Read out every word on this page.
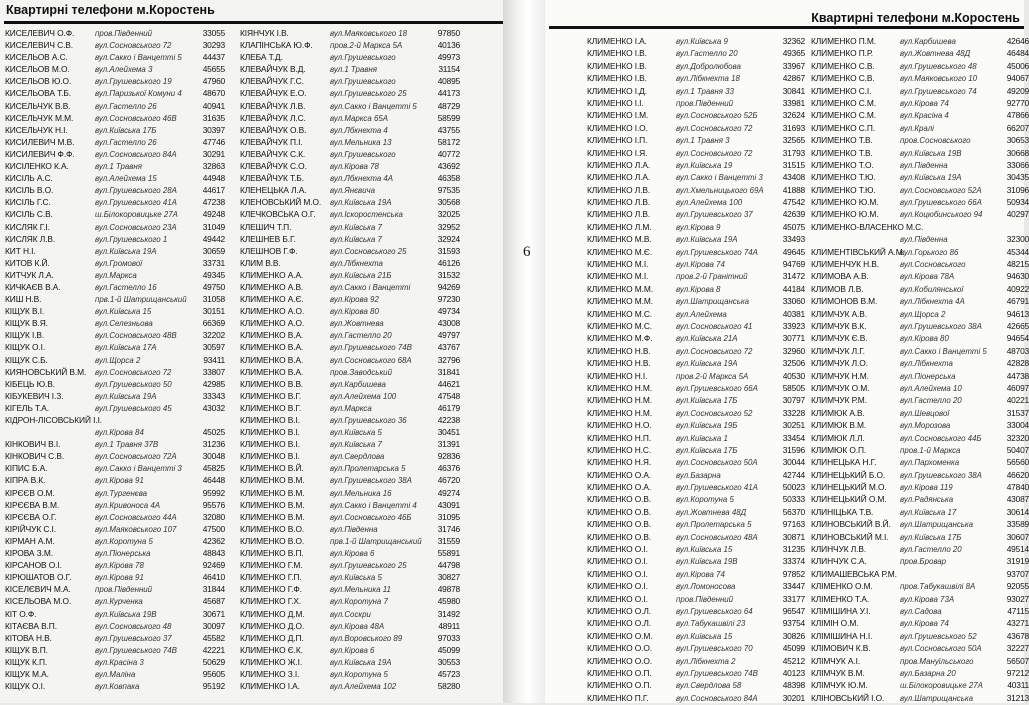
Квартирні телефони м.Коростень
КИСЕЛЕВИЧ О.Ф.	пров.Південний	33055
КИСЕЛЕВИЧ С.В.	вул.Сосновського 72	30293
КИСЕЛЬОВ А.С.	вул.Сакко і Ванцетті 5	44437
КИСЕЛЬОВ М.О.	вул.Алейхема 3	45655
КИСЕЛЬОВ Ю.О.	вул.Грушевського 19	47960
КИСЕЛЬОВА Т.Б.	вул.Паризької Комуни 4	48670
КИСЕЛЬЧУК В.В.	вул.Гастелло 26	40941
КИСЕЛЬЧУК М.М.	вул.Сосновського 46В	31635
КИСЕЛЬЧУК Н.І.	вул.Київська 17Б	30397
КИСИЛЕВИЧ М.В.	вул.Гастелло 26	47746
КИСИЛЕВИЧ Ф.Ф.	вул.Сосновського 84А	30291
КИСІЛЕНКО К.А.	вул.1 Травня	32863
КИСІЛЬ А.С.	вул.Алейхема 15	44948
КИСІЛЬ В.О.	вул.Грушевського 28А	44617
КИСІЛЬ Г.С.	вул.Грушевського 41А	47238
КИСІЛЬ С.В.	ш.Білокоровицьке 27А	49248
КИСЛЯК Г.І.	вул.Сосновського 23А	31049
КИСЛЯК Л.В.	вул.Грушевського 1	49442
КИТ Н.І.	вул.Київська 19А	30659
КИТОВ К.Й.	вул.Громової	33731
КИТЧУК Л.А.	вул.Маркса	49345
КИЧКАЄВ В.А.	вул.Гастелло 16	49750
КИШ Н.В.	прв.1-й Шатрищанський	31058
КІЩУК В.І.	вул.Київська 15	30151
КІЩУК В.Я.	вул.Селезньова	66369
КІЩУК І.В.	вул.Сосновського 48В	32202
КІЩУК О.І.	вул.Київська 17А	30597
КІЩУК С.Б.	вул.Щорса 2	93411
КИЯНОВСЬКИЙ В.М.	вул.Сосновського 72	33807
КІБЕЦЬ Ю.В.	вул.Грушевського 50	42985
КІБУКЕВИЧ І.З.	вул.Київська 19А	33343
КІГЕЛЬ Т.А.	вул.Грушевського 45	43032
КІДРОН-ЛІСОВСЬКИЙ І.І.
вул.Кірова 84	45025
КІНКОВИЧ В.І.	вул.1 Травня 37В	31236
КІНКОВИЧ С.В.	вул.Сосновського 72А	30048
КІПИС Б.А.	вул.Сакко і Ванцетті 3	45825
КІПРА В.К.	вул.Кірова 91	46448
КІРЄЄВ О.М.	вул.Тургенєва	95992
КІРЄЄВА В.М.	вул.Кривоноса 4А	95576
КІРЄЄВА О.Г.	вул.Сосновського 44А	32080
КІРІЙЧУК С.І.	вул.Маяковського 107	47500
КІРМАН А.М.	вул.Коротуна 5	42362
КІРОВА З.М.	вул.Піонерська	48843
КІРСАНОВ О.І.	вул.Кірова 78	92469
КІРЮШАТОВ О.Г.	вул.Кірова 91	46410
КІСЕЛЄВИЧ М.А.	пров.Південний	31844
КІСЕЛЬОВА М.О.	вул.Курченка	45687
КІТ О.Ф.	вул.Київська 19В	30671
КІТАЄВА В.П.	вул.Сосновського 48	30097
КІТОВА Н.В.	вул.Грушевського 37	45582
КІЩУК В.П.	вул.Грушевського 74В	42221
КІЩУК К.П.	вул.Красіна 3	50629
КІЩУК М.А.	вул.Маліна	95605
КІЩУК О.І.	вул.Ковпака	95192
КІЯНЧУК І.В.	вул.Маяковського 18	97850
КЛАПІНСЬКА Ю.Ф.	пров.2-й Маркса 5А	40136
КЛЕБА Т.Д.	вул.Грушевського	49973
КЛЕВАЙЧУК В.Д.	вул.1 Травня	31154
КЛЕВАЙЧУК Г.С.	вул.Грушевського	40895
КЛЕВАЙЧУК Е.О.	вул.Грушевського 25	44173
КЛЕВАЙЧУК Л.В.	вул.Сакко і Ванцетті 5	48729
КЛЕВАЙЧУК Л.С.	вул.Маркса 65А	58599
КЛЕВАЙЧУК О.В.	вул.Лбкнехта 4	43755
КЛЕВАЙЧУК П.І.	вул.Мельника 13	58172
КЛЕВАЙЧУК С.К.	вул.Грушевського	40772
КЛЕВАЙЧУК С.О.	вул.Кірова 78	43692
КЛЕВАЙЧУК Т.Б.	вул.Лбкнехта 4А	46358
КЛЕНЕЦЬКА Л.А.	вул.Янєвича	97535
КЛЕНОВСЬКИЙ М.О.	вул.Київська 19А	30568
КЛЕЧКОВСЬКА О.Г.	вул.Іскоростенська	32025
КЛЕШИЧ Т.П.	вул.Київська 7	32952
КЛЕШНЕВ Б.Г.	вул.Київська 7	32924
КЛЕШНОВ Г.Ф.	вул.Сосновського 25	31593
КЛИМ В.В.	вул.Лібкнехта	46126
КЛИМЕНКО А.А.	вул.Київська 21Б	31532
КЛИМЕНКО А.В.	вул.Сакко і Ванцетті	94269
КЛИМЕНКО А.Є.	вул.Кірова 92	97230
КЛИМЕНКО А.О.	вул.Кірова 80	49734
КЛИМЕНКО А.О.	вул.Жовтнева	43008
КЛИМЕНКО В.А.	вул.Гастелло 20	49797
КЛИМЕНКО В.А.	вул.Грушевського 74В	43767
КЛИМЕНКО В.А.	вул.Сосновського 68А	32796
КЛИМЕНКО В.А.	пров.Заводський	31841
КЛИМЕНКО В.В.	вул.Карбишева	44621
КЛИМЕНКО В.Г.	вул.Алейхема 100	47548
КЛИМЕНКО В.Г.	вул.Маркса	46179
КЛИМЕНКО В.І.	вул.Грушевського 36	42238
КЛИМЕНКО В.І.	вул.Київська 5	30451
КЛИМЕНКО В.І.	вул.Київська 7	31391
КЛИМЕНКО В.І.	вул.Свердлова	92836
КЛИМЕНКО В.Й.	вул.Пролетарська 5	46376
КЛИМЕНКО В.М.	вул.Грушевського 38А	46720
КЛИМЕНКО В.М.	вул.Мельника 16	49274
КЛИМЕНКО В.М.	вул.Сакко і Ванцетті 4	43091
КЛИМЕНКО В.М.	вул.Сосновського 46Б	31095
КЛИМЕНКО В.О.	вул.Південна	31746
КЛИМЕНКО В.О.	прв.1-й Шатрищанський	31559
КЛИМЕНКО В.П.	вул.Кірова 6	55891
КЛИМЕНКО Г.М.	вул.Грушевського 25	44798
КЛИМЕНКО Г.П.	вул.Київська 5	30827
КЛИМЕНКО Г.Ф.	вул.Мельника 11	49878
КЛИМЕНКО Г.Х.	вул.Коротуна 7	45980
КЛИМЕНКО Д.М.	вул.Соскри	31492
КЛИМЕНКО Д.О.	вул.Кірова 48А	48911
КЛИМЕНКО Д.П.	вул.Воровського 89	97033
КЛИМЕНКО Є.К.	вул.Кірова 6	45099
КЛИМЕНКО Ж.І.	вул.Київська 19А	30553
КЛИМЕНКО З.І.	вул.Коротуна 5	45723
КЛИМЕНКО І.А.	вул.Алейхема 102	58280
Квартирні телефони м.Коростень
КЛИМЕНКО І.А.	вул.Київська 9	32362
КЛИМЕНКО І.В.	вул.Гастелло 20	49365
КЛИМЕНКО І.В.	вул.Добролюбова	33967
КЛИМЕНКО І.В.	вул.Лібкнехта 18	42867
КЛИМЕНКО І.Д.	вул.1 Травня 33	30841
КЛИМЕНКО І.І.	пров.Південний	33981
КЛИМЕНКО І.М.	вул.Сосновського 52Б	32624
КЛИМЕНКО І.О.	вул.Сосновського 72	31693
КЛИМЕНКО І.П.	вул.1 Травня 3	32565
КЛИМЕНКО І.Я.	вул.Сосновського 72	31793
КЛИМЕНКО Л.А.	вул.Київська 19	31515
КЛИМЕНКО Л.А.	вул.Сакко і Ванцетті 3	43408
КЛИМЕНКО Л.В.	вул.Хмельницького 69А	41888
КЛИМЕНКО Л.В.	вул.Алейхема 100	47542
КЛИМЕНКО Л.В.	вул.Грушевського 37	42639
КЛИМЕНКО Л.М.	вул.Кірова 9	45075
КЛИМЕНКО М.В.	вул.Київська 19А	33493
КЛИМЕНКО М.Є.	вул.Грушевського 74А	49645
КЛИМЕНКО М.І.	вул.Кірова 74	94769
КЛИМЕНКО М.І.	пров.2-й Гранітний	31472
КЛИМЕНКО М.М.	вул.Кірова 8	44184
КЛИМЕНКО М.М.	вул.Шатрищанська	33060
КЛИМЕНКО М.С.	вул.Алейхема	40381
КЛИМЕНКО М.С.	вул.Сосновського 41	33923
КЛИМЕНКО М.Ф.	вул.Київська 21А	30771
КЛИМЕНКО Н.В.	вул.Сосновського 72	32960
КЛИМЕНКО Н.В.	вул.Київська 19А	32506
КЛИМЕНКО Н.І.	пров.2-й Маркса 5А	40530
КЛИМЕНКО Н.М.	вул.Грушевського 66А	58505
КЛИМЕНКО Н.М.	вул.Київська 17Б	30797
КЛИМЕНКО Н.М.	вул.Сосновського 52	33228
КЛИМЕНКО Н.О.	вул.Київська 19Б	30251
КЛИМЕНКО Н.П.	вул.Київська 1	33454
КЛИМЕНКО Н.С.	вул.Київська 17Б	31596
КЛИМЕНКО Н.Я.	вул.Сосновського 50А	30044
КЛИМЕНКО О.А.	вул.Базарна	42744
КЛИМЕНКО О.А.	вул.Грушевського 41А	50023
КЛИМЕНКО О.В.	вул.Коротуна 5	50333
КЛИМЕНКО О.В.	вул.Жовтнева 48Д	56370
КЛИМЕНКО О.В.	вул.Пролетарська 5	97163
КЛИМЕНКО О.В.	вул.Сосновського 48А	30871
КЛИМЕНКО О.І.	вул.Київська 15	31235
КЛИМЕНКО О.І.	вул.Київська 19В	33374
КЛИМЕНКО О.І.	вул.Кірова 74	97852
КЛИМЕНКО О.І.	вул.Ломоносова	33447
КЛИМЕНКО О.І.	пров.Південний	33177
КЛИМЕНКО О.Л.	вул.Грушевського 64	96547
КЛИМЕНКО О.Л.	вул.Табукашвілі 23	93754
КЛИМЕНКО О.М.	вул.Київська 15	30826
КЛИМЕНКО О.О.	вул.Грушевського 70	45099
КЛИМЕНКО О.О.	вул.Лібкнехта 2	45212
КЛИМЕНКО О.П.	вул.Грушевського 74В	40123
КЛИМЕНКО О.П.	вул.Свердлова 58	48398
КЛИМЕНКО П.Г.	вул.Сосновського 84А	30201
КЛИМЕНКО П.М.	вул.Карбишева	42646
КЛИМЕНКО П.Р.	вул.Жовтнева 48Д	46484
КЛИМЕНКО С.В.	вул.Грушевського 48	45006
КЛИМЕНКО С.В.	вул.Маяковського 10	94067
КЛИМЕНКО С.І.	вул.Грушевського 74	49209
КЛИМЕНКО С.М.	вул.Кірова 74	92770
КЛИМЕНКО С.М.	вул.Красіна 4	47866
КЛИМЕНКО С.П.	вул.Кралі	66207
КЛИМЕНКО Т.В.	пров.Сосновського	30653
КЛИМЕНКО Т.В.	вул.Київська 19В	30668
КЛИМЕНКО Т.О.	вул.Південна	33066
КЛИМЕНКО Т.Ю.	вул.Київська 19А	30435
КЛИМЕНКО Т.Ю.	вул.Сосновського 52А	31096
КЛИМЕНКО Ю.М.	вул.Грушевського 66А	50934
КЛИМЕНКО Ю.М.	вул.Коцюбинського 94	40297
КЛИМЕНКО-ВЛАСЕНКО М.С.
вул.Південна	32300
КЛИМЕНТІВСЬКИЙ А.М.
вул.Горького 86	45344
КЛИМЕНЧУК Н.В.	вул.Сосновського	48215
КЛИМОВА А.В.	вул.Кірова 78А	94630
КЛИМОВ Л.В.	вул.Кобилянської	40922
КЛИМОНОВ В.М.	вул.Лібкнехта 4А	46791
КЛИМЧУК А.В.	вул.Щорса 2	94613
КЛИМЧУК В.К.	вул.Грушевського 38А	42665
КЛИМЧУК Є.В.	вул.Кірова 80	94654
КЛИМЧУК Л.Г.	вул.Сакко і Ванцетті 5	48703
КЛИМЧУК Л.О.	вул.Лібкнехта	42828
КЛИМЧУК Н.М.	вул.Піонерська	44738
КЛИМЧУК О.М.	вул.Алейхема 10	46097
КЛИМЧУК Р.М.	вул.Гастелло 20	40221
КЛИМЮК А.В.	вул.Шевцової	31537
КЛИМЮК В.М.	вул.Морозова	33004
КЛИМЮК Л.Л.	вул.Сосновського 44Б	32320
КЛИМЮК О.П.	пров.1-й Маркса	50407
КЛИНЕЦЬКА Н.Г.	вул.Пархоменка	56560
КЛИНЕЦЬКИЙ Б.О.	вул.Грушевського 38А	46620
КЛИНЕЦЬКИЙ М.О.	вул.Кірова 119	47840
КЛИНЕЦЬКИЙ О.М.	вул.Радянська	43087
КЛИНІЦЬКА Т.В.	вул.Київська 17	30614
КЛИНОВСЬКИЙ В.Й.	вул.Шатрищанська	33589
КЛИНОВСЬКИЙ М.І.	вул.Київська 17Б	30607
КЛИНЧУК Л.В.	вул.Гастелло 20	49514
КЛИНЧУК С.А.	пров.Бровар	31919
КЛИМАШЕВСЬКА Р.М.	93707
КЛІМЕНКО О.М.	пров.Табукашвілі 8А	92055
КЛІМЕНКО Т.А.	вул.Кірова 73А	93027
КЛІМІШИНА У.І.	вул.Садова	47115
КЛІМІН О.М.	вул.Кірова 74	43271
КЛІМІШИНА Н.І.	вул.Грушевського 52	43678
КЛІМОВИЧ К.В.	вул.Сосновського 50А	32227
КЛІМЧУК А.І.	пров.Мануїльського	56507
КЛІМЧУК В.М.	вул.Базарна 20	97212
КЛІМЧУК Ю.М.	ш.Білокоровицьке 27А	40311
КЛІНОВСЬКИЙ І.О.	вул.Шатрищанська	31213
6
